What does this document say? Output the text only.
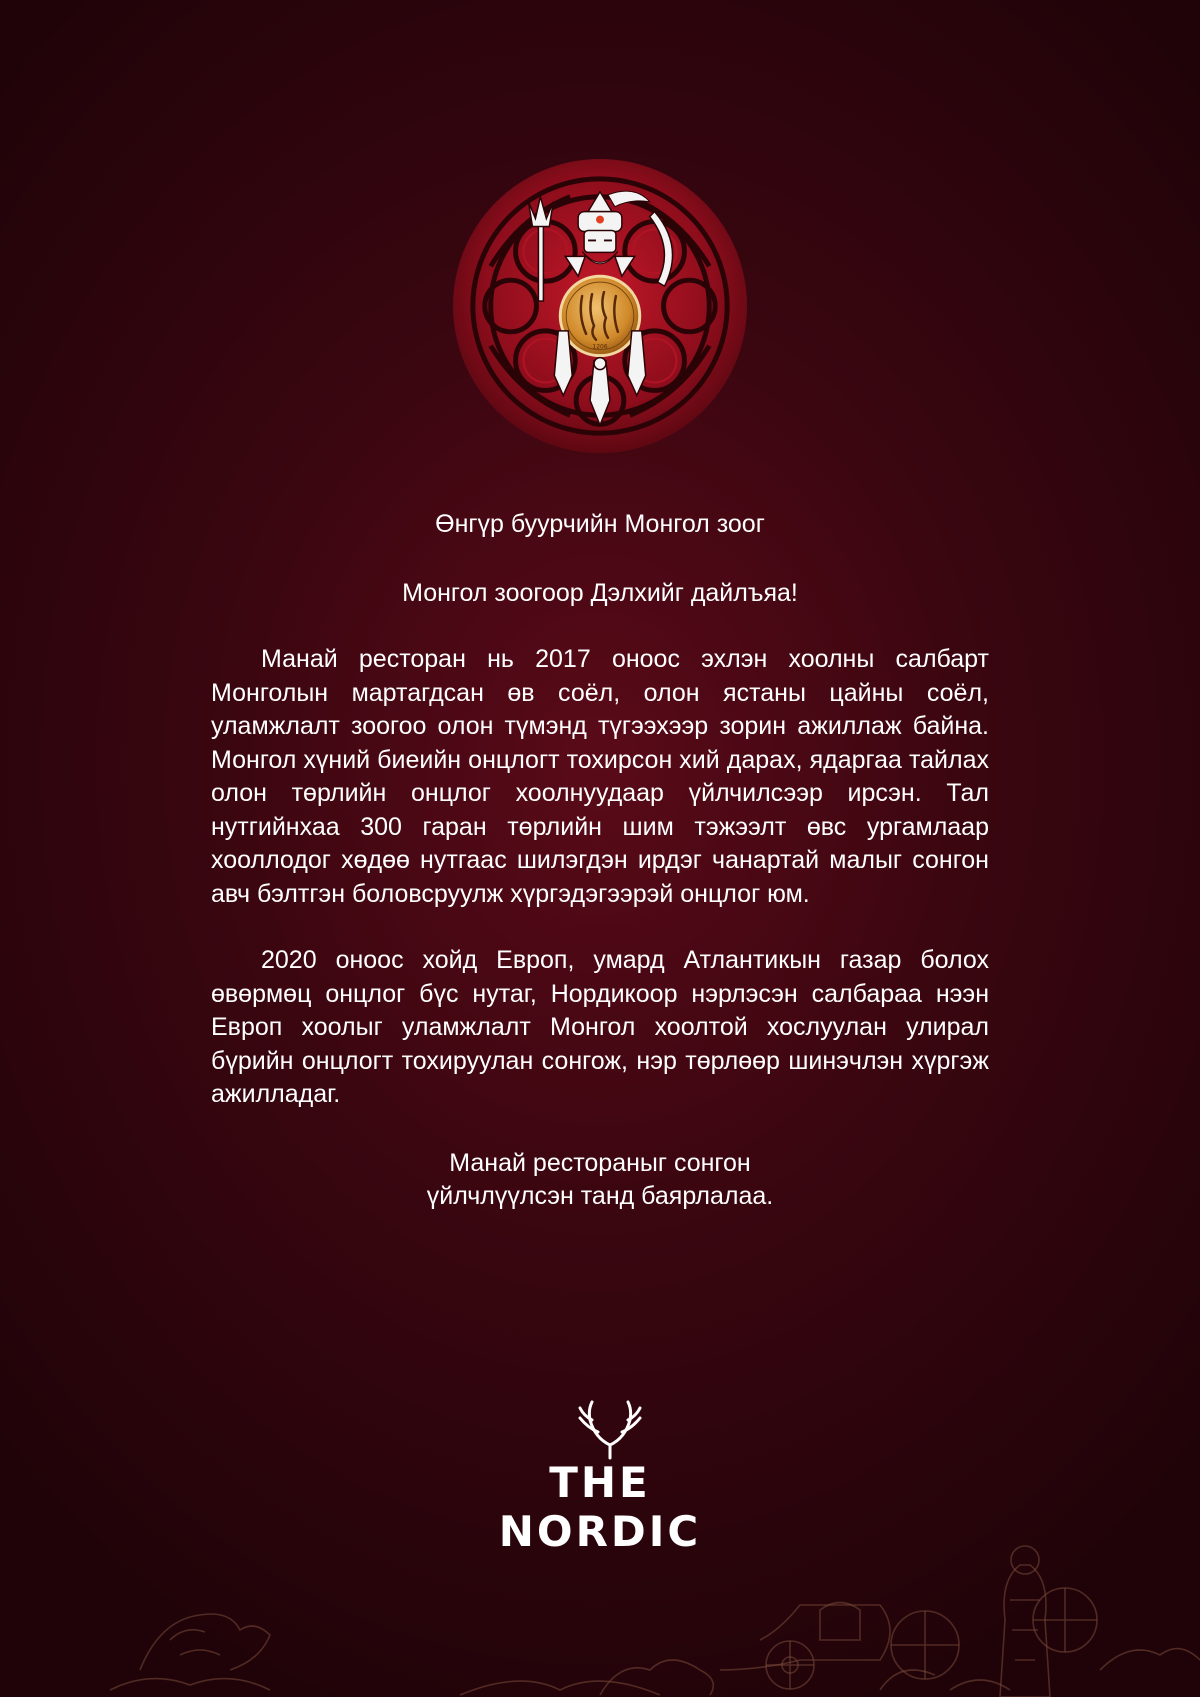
1206

Өнгүр буурчийн Монгол зоог

Монгол зоогоор Дэлхийг дайлъяа!

Манай ресторан нь 2017 оноос эхлэн хоолны салбарт Монголын мартагдсан өв соёл, олон ястаны цайны соёл, уламжлалт зоогоо олон түмэнд түгээхээр зорин ажиллаж байна. Монгол хүний биеийн онцлогт тохирсон хий дарах, ядаргаа тайлах олон төрлийн онцлог хоолнуудаар үйлчилсээр ирсэн. Тал нутгийнхаа 300 гаран төрлийн шим тэжээлт өвс ургамлаар хооллодог хөдөө нутгаас шилэгдэн ирдэг чанартай малыг сонгон авч бэлтгэн боловсруулж хүргэдэгээрэй онцлог юм.

2020 оноос хойд Европ, умард Атлантикын газар болох өвөрмөц онцлог бүс нутаг, Нордикоор нэрлэсэн салбараа нээн Европ хоолыг уламжлалт Монгол хоолтой хослуулан улирал бүрийн онцлогт тохируулан сонгож, нэр төрлөөр шинэчлэн хүргэж ажилладаг.

Манай рестораныг сонгон
үйлчлүүлсэн танд баярлалаа.

THE NORDIC
